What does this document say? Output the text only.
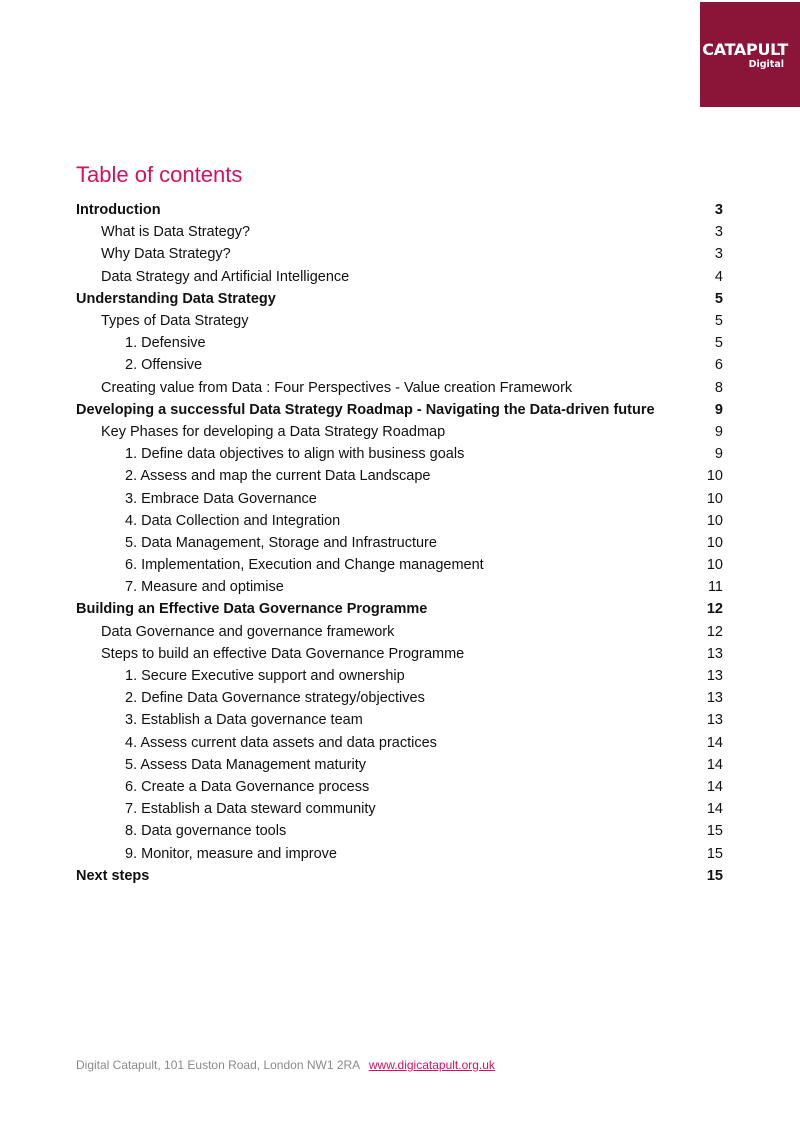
CATAPULT
Digital
Table of contents
Introduction	3
What is Data Strategy?	3
Why Data Strategy?	3
Data Strategy and Artificial Intelligence	4
Understanding Data Strategy	5
Types of Data Strategy	5
1. Defensive	5
2. Offensive	6
Creating value from Data : Four Perspectives - Value creation Framework	8
Developing a successful Data Strategy Roadmap - Navigating the Data-driven future	9
Key Phases for developing a Data Strategy Roadmap	9
1. Define data objectives to align with business goals	9
2. Assess and map the current Data Landscape	10
3. Embrace Data Governance	10
4. Data Collection and Integration	10
5. Data Management, Storage and Infrastructure	10
6. Implementation, Execution and Change management	10
7. Measure and optimise	11
Building an Effective Data Governance Programme	12
Data Governance and governance framework	12
Steps to build an effective Data Governance Programme	13
1. Secure Executive support and ownership	13
2. Define Data Governance strategy/objectives	13
3. Establish a Data governance team	13
4. Assess current data assets and data practices	14
5. Assess Data Management maturity	14
6. Create a Data Governance process	14
7. Establish a Data steward community	14
8. Data governance tools	15
9. Monitor, measure and improve	15
Next steps	15
Digital Catapult, 101 Euston Road, London NW1 2RA www.digicatapult.org.uk
